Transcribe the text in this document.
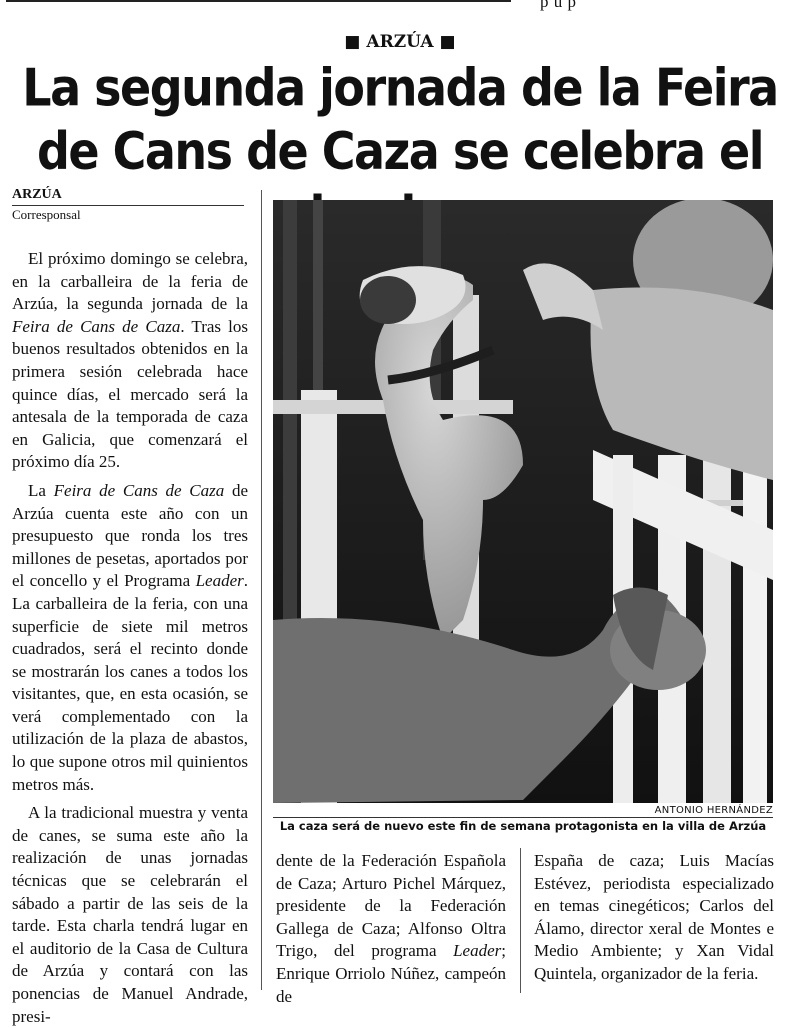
p u p
■ ARZÚA ■
La segunda jornada de la Feira de Cans de Caza se celebra el
ARZÚA
Corresponsal

El próximo domingo se celebra, en la carballeira de la feria de Arzúa, la segunda jornada de la Feira de Cans de Caza. Tras los buenos resultados obtenidos en la primera sesión celebrada hace quince días, el mercado será la antesala de la temporada de caza en Galicia, que comenzará el próximo día 25.

La Feira de Cans de Caza de Arzúa cuenta este año con un presupuesto que ronda los tres millones de pesetas, aportados por el concello y el Programa Leader. La carballeira de la feria, con una superficie de siete mil metros cuadrados, será el recinto donde se mostrarán los canes a todos los visitantes, que, en esta ocasión, se verá complementado con la utilización de la plaza de abastos, lo que supone otros mil quinientos metros más.

A la tradicional muestra y venta de canes, se suma este año la realización de unas jornadas técnicas que se celebrarán el sábado a partir de las seis de la tarde. Esta charla tendrá lugar en el auditorio de la Casa de Cultura de Arzúa y contará con las ponencias de Manuel Andrade, presi-

ANTONIO HERNÁNDEZ
La caza será de nuevo este fin de semana protagonista en la villa de Arzúa

dente de la Federación Española de Caza; Arturo Pichel Márquez, presidente de la Federación Gallega de Caza; Alfonso Oltra Trigo, del programa Leader; Enrique Orriolo Núñez, campeón de

España de caza; Luis Macías Estévez, periodista especializado en temas cinegéticos; Carlos del Álamo, director xeral de Montes e Medio Ambiente; y Xan Vidal Quintela, organizador de la feria.
